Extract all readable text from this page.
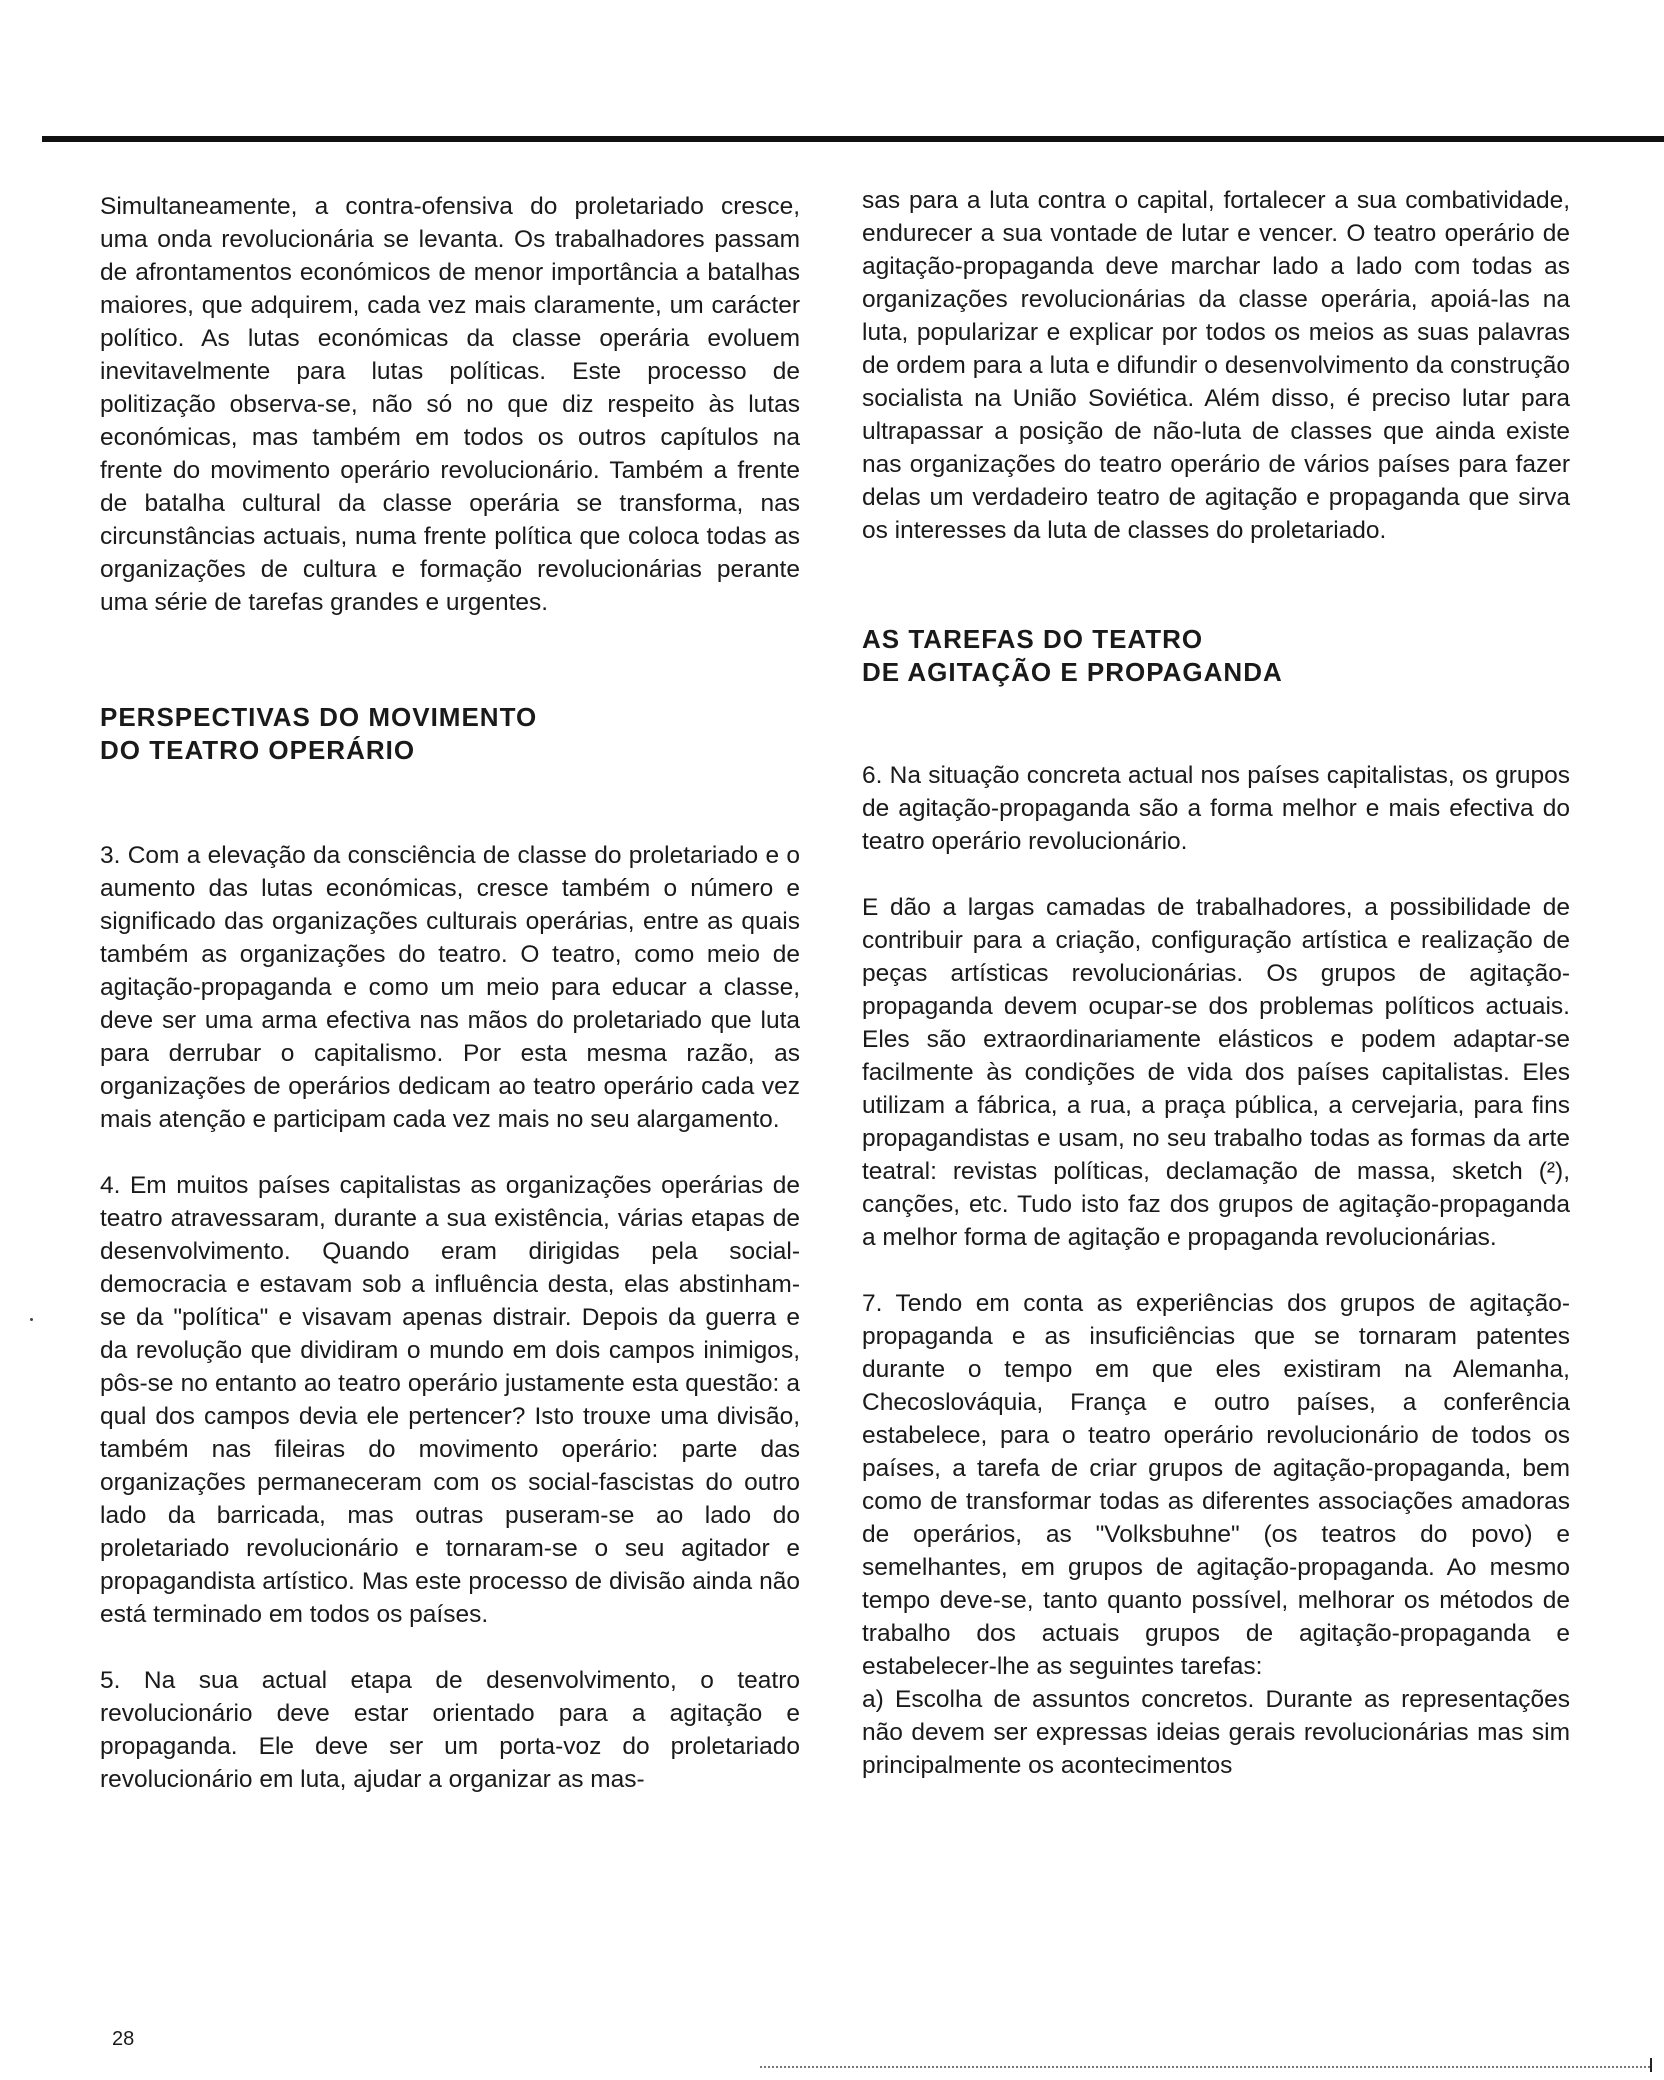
Simultaneamente, a contra-ofensiva do proletariado cresce, uma onda revolucionária se levanta. Os trabalhadores passam de afrontamentos económicos de menor importância a batalhas maiores, que adquirem, cada vez mais claramente, um carácter político. As lutas económicas da classe operária evoluem inevitavelmente para lutas políticas. Este processo de politização observa-se, não só no que diz respeito às lutas económicas, mas também em todos os outros capítulos na frente do movimento operário revolucionário. Também a frente de batalha cultural da classe operária se transforma, nas circunstâncias actuais, numa frente política que coloca todas as organizações de cultura e formação revolucionárias perante uma série de tarefas grandes e urgentes.

PERSPECTIVAS DO MOVIMENTO
DO TEATRO OPERÁRIO

3. Com a elevação da consciência de classe do proletariado e o aumento das lutas económicas, cresce também o número e significado das organizações culturais operárias, entre as quais também as organizações do teatro. O teatro, como meio de agitação-propaganda e como um meio para educar a classe, deve ser uma arma efectiva nas mãos do proletariado que luta para derrubar o capitalismo. Por esta mesma razão, as organizações de operários dedicam ao teatro operário cada vez mais atenção e participam cada vez mais no seu alargamento.

4. Em muitos países capitalistas as organizações operárias de teatro atravessaram, durante a sua existência, várias etapas de desenvolvimento. Quando eram dirigidas pela social-democracia e estavam sob a influência desta, elas abstinham-se da "política" e visavam apenas distrair. Depois da guerra e da revolução que dividiram o mundo em dois campos inimigos, pôs-se no entanto ao teatro operário justamente esta questão: a qual dos campos devia ele pertencer? Isto trouxe uma divisão, também nas fileiras do movimento operário: parte das organizações permaneceram com os social-fascistas do outro lado da barricada, mas outras puseram-se ao lado do proletariado revolucionário e tornaram-se o seu agitador e propagandista artístico. Mas este processo de divisão ainda não está terminado em todos os países.

5. Na sua actual etapa de desenvolvimento, o teatro revolucionário deve estar orientado para a agitação e propaganda. Ele deve ser um porta-voz do proletariado revolucionário em luta, ajudar a organizar as mas-

sas para a luta contra o capital, fortalecer a sua combatividade, endurecer a sua vontade de lutar e vencer. O teatro operário de agitação-propaganda deve marchar lado a lado com todas as organizações revolucionárias da classe operária, apoiá-las na luta, popularizar e explicar por todos os meios as suas palavras de ordem para a luta e difundir o desenvolvimento da construção socialista na União Soviética. Além disso, é preciso lutar para ultrapassar a posição de não-luta de classes que ainda existe nas organizações do teatro operário de vários países para fazer delas um verdadeiro teatro de agitação e propaganda que sirva os interesses da luta de classes do proletariado.

AS TAREFAS DO TEATRO
DE AGITAÇÃO E PROPAGANDA

6. Na situação concreta actual nos países capitalistas, os grupos de agitação-propaganda são a forma melhor e mais efectiva do teatro operário revolucionário.

E dão a largas camadas de trabalhadores, a possibilidade de contribuir para a criação, configuração artística e realização de peças artísticas revolucionárias. Os grupos de agitação-propaganda devem ocupar-se dos problemas políticos actuais. Eles são extraordinariamente elásticos e podem adaptar-se facilmente às condições de vida dos países capitalistas. Eles utilizam a fábrica, a rua, a praça pública, a cervejaria, para fins propagandistas e usam, no seu trabalho todas as formas da arte teatral: revistas políticas, declamação de massa, sketch (²), canções, etc. Tudo isto faz dos grupos de agitação-propaganda a melhor forma de agitação e propaganda revolucionárias.

7. Tendo em conta as experiências dos grupos de agitação-propaganda e as insuficiências que se tornaram patentes durante o tempo em que eles existiram na Alemanha, Checoslováquia, França e outro países, a conferência estabelece, para o teatro operário revolucionário de todos os países, a tarefa de criar grupos de agitação-propaganda, bem como de transformar todas as diferentes associações amadoras de operários, as "Volksbuhne" (os teatros do povo) e semelhantes, em grupos de agitação-propaganda. Ao mesmo tempo deve-se, tanto quanto possível, melhorar os métodos de trabalho dos actuais grupos de agitação-propaganda e estabelecer-lhe as seguintes tarefas:

a) Escolha de assuntos concretos. Durante as representações não devem ser expressas ideias gerais revolucionárias mas sim principalmente os acontecimentos

28
